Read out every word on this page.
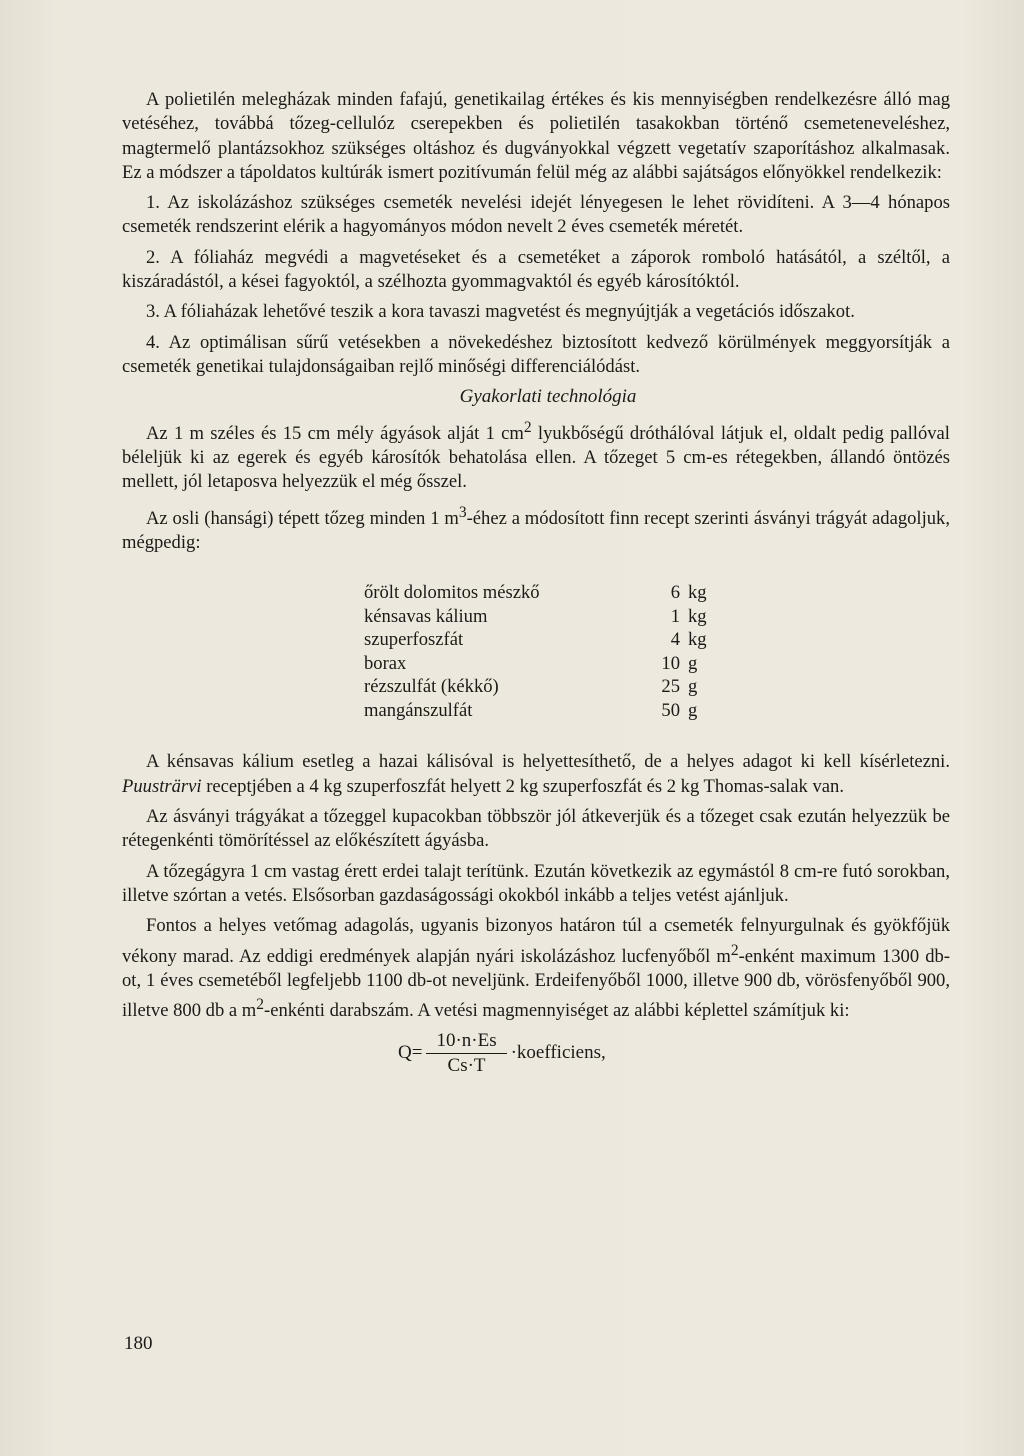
A polietilén melegházak minden fafajú, genetikailag értékes és kis mennyiségben rendelkezésre álló mag vetéséhez, továbbá tőzeg-cellulóz cserepekben és polietilén tasakokban történő csemeteneveléshez, magtermelő plantázsokhoz szükséges oltáshoz és dugványokkal végzett vegetatív szaporításhoz alkalmasak. Ez a módszer a tápoldatos kultúrák ismert pozitívumán felül még az alábbi sajátságos előnyökkel rendelkezik:

1. Az iskolázáshoz szükséges csemeték nevelési idejét lényegesen le lehet rövidíteni. A 3—4 hónapos csemeték rendszerint elérik a hagyományos módon nevelt 2 éves csemeték méretét.

2. A fóliaház megvédi a magvetéseket és a csemetéket a záporok romboló hatásától, a széltől, a kiszáradástól, a kései fagyoktól, a szélhozta gyommagvaktól és egyéb károsítóktól.

3. A fóliaházak lehetővé teszik a kora tavaszi magvetést és megnyújtják a vegetációs időszakot.

4. Az optimálisan sűrű vetésekben a növekedéshez biztosított kedvező körülmények meggyorsítják a csemeték genetikai tulajdonságaiban rejlő minőségi differenciálódást.

Gyakorlati technológia

Az 1 m széles és 15 cm mély ágyások alját 1 $cm^2$ lyukbőségű dróthálóval látjuk el, oldalt pedig pallóval béleljük ki az egerek és egyéb károsítók behatolása ellen. A tőzeget 5 cm-es rétegekben, állandó öntözés mellett, jól letaposva helyezzük el még ősszel.

Az osli (hansági) tépett tőzeg minden 1 $m^3$-éhez a módosított finn recept szerinti ásványi trágyát adagoljuk, mégpedig:

őrölt dolomitos mészkő	6	kg
kénsavas kálium	1	kg
szuperfoszfát	4	kg
borax	10	g
rézszulfát (kékkő)	25	g
mangánszulfát	50	g

A kénsavas kálium esetleg a hazai kálisóval is helyettesíthető, de a helyes adagot ki kell kísérletezni. Puusträrvi receptjében a 4 kg szuperfoszfát helyett 2 kg szuperfoszfát és 2 kg Thomas-salak van.

Az ásványi trágyákat a tőzeggel kupacokban többször jól átkeverjük és a tőzeget csak ezután helyezzük be rétegenkénti tömörítéssel az előkészített ágyásba.

A tőzegágyra 1 cm vastag érett erdei talajt terítünk. Ezután következik az egymástól 8 cm-re futó sorokban, illetve szórtan a vetés. Elsősorban gazdaságossági okokból inkább a teljes vetést ajánljuk.

Fontos a helyes vetőmag adagolás, ugyanis bizonyos határon túl a csemeték felnyurgulnak és gyökfőjük vékony marad. Az eddigi eredmények alapján nyári iskolázáshoz lucfenyőből $m^2$-enként maximum 1300 db-ot, 1 éves csemetéből legfeljebb 1100 db-ot neveljünk. Erdeifenyőből 1000, illetve 900 db, vörösfenyőből 900, illetve 800 db a $m^2$-enkénti darabszám. A vetési magmennyiséget az alábbi képlettel számítjuk ki:

$Q= \frac{10\cdot n\cdot Es}{Cs\cdot T}$ ·koefficiens,
180
